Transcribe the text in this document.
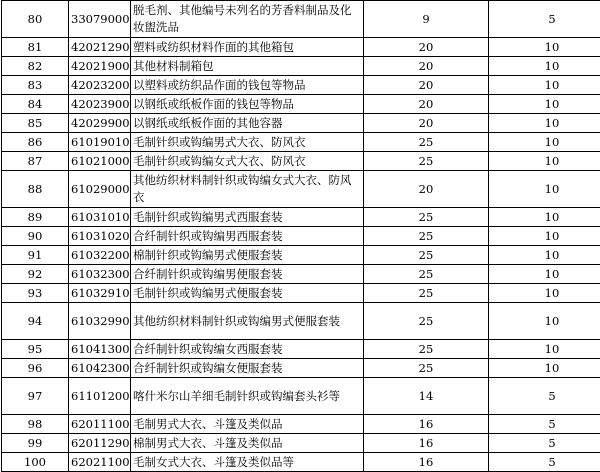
80	33079000	脱毛剂、其他编号未列名的芳香料制品及化妆盥洗品	9	5
81	42021290	塑料或纺织材料作面的其他箱包	20	10
82	42021900	其他材料制箱包	20	10
83	42023200	以塑料或纺织品作面的钱包等物品	20	10
84	42023900	以钢纸或纸板作面的钱包等物品	20	10
85	42029900	以钢纸或纸板作面的其他容器	20	10
86	61019010	毛制针织或钩编男式大衣、防风衣	25	10
87	61021000	毛制针织或钩编女式大衣、防风衣	25	10
88	61029000	其他纺织材料制针织或钩编女式大衣、防风衣	20	10
89	61031010	毛制针织或钩编男式西服套装	25	10
90	61031020	合纤制针织或钩编男西服套装	25	10
91	61032200	棉制针织或钩编男式便服套装	25	10
92	61032300	合纤制针织或钩编男便服套装	25	10
93	61032910	毛制针织或钩编男式便服套装	25	10
94	61032990	其他纺织材料制针织或钩编男式便服套装	25	10
95	61041300	合纤制针织或钩编女西服套装	25	10
96	61042300	合纤制针织或钩编女便服套装	25	10
97	61101200	喀什米尔山羊细毛制针织或钩编套头衫等	14	5
98	62011100	毛制男式大衣、斗篷及类似品	16	5
99	62011290	棉制男式大衣、斗篷及类似品	16	5
100	62021100	毛制女式大衣、斗篷及类似品等	16	5
